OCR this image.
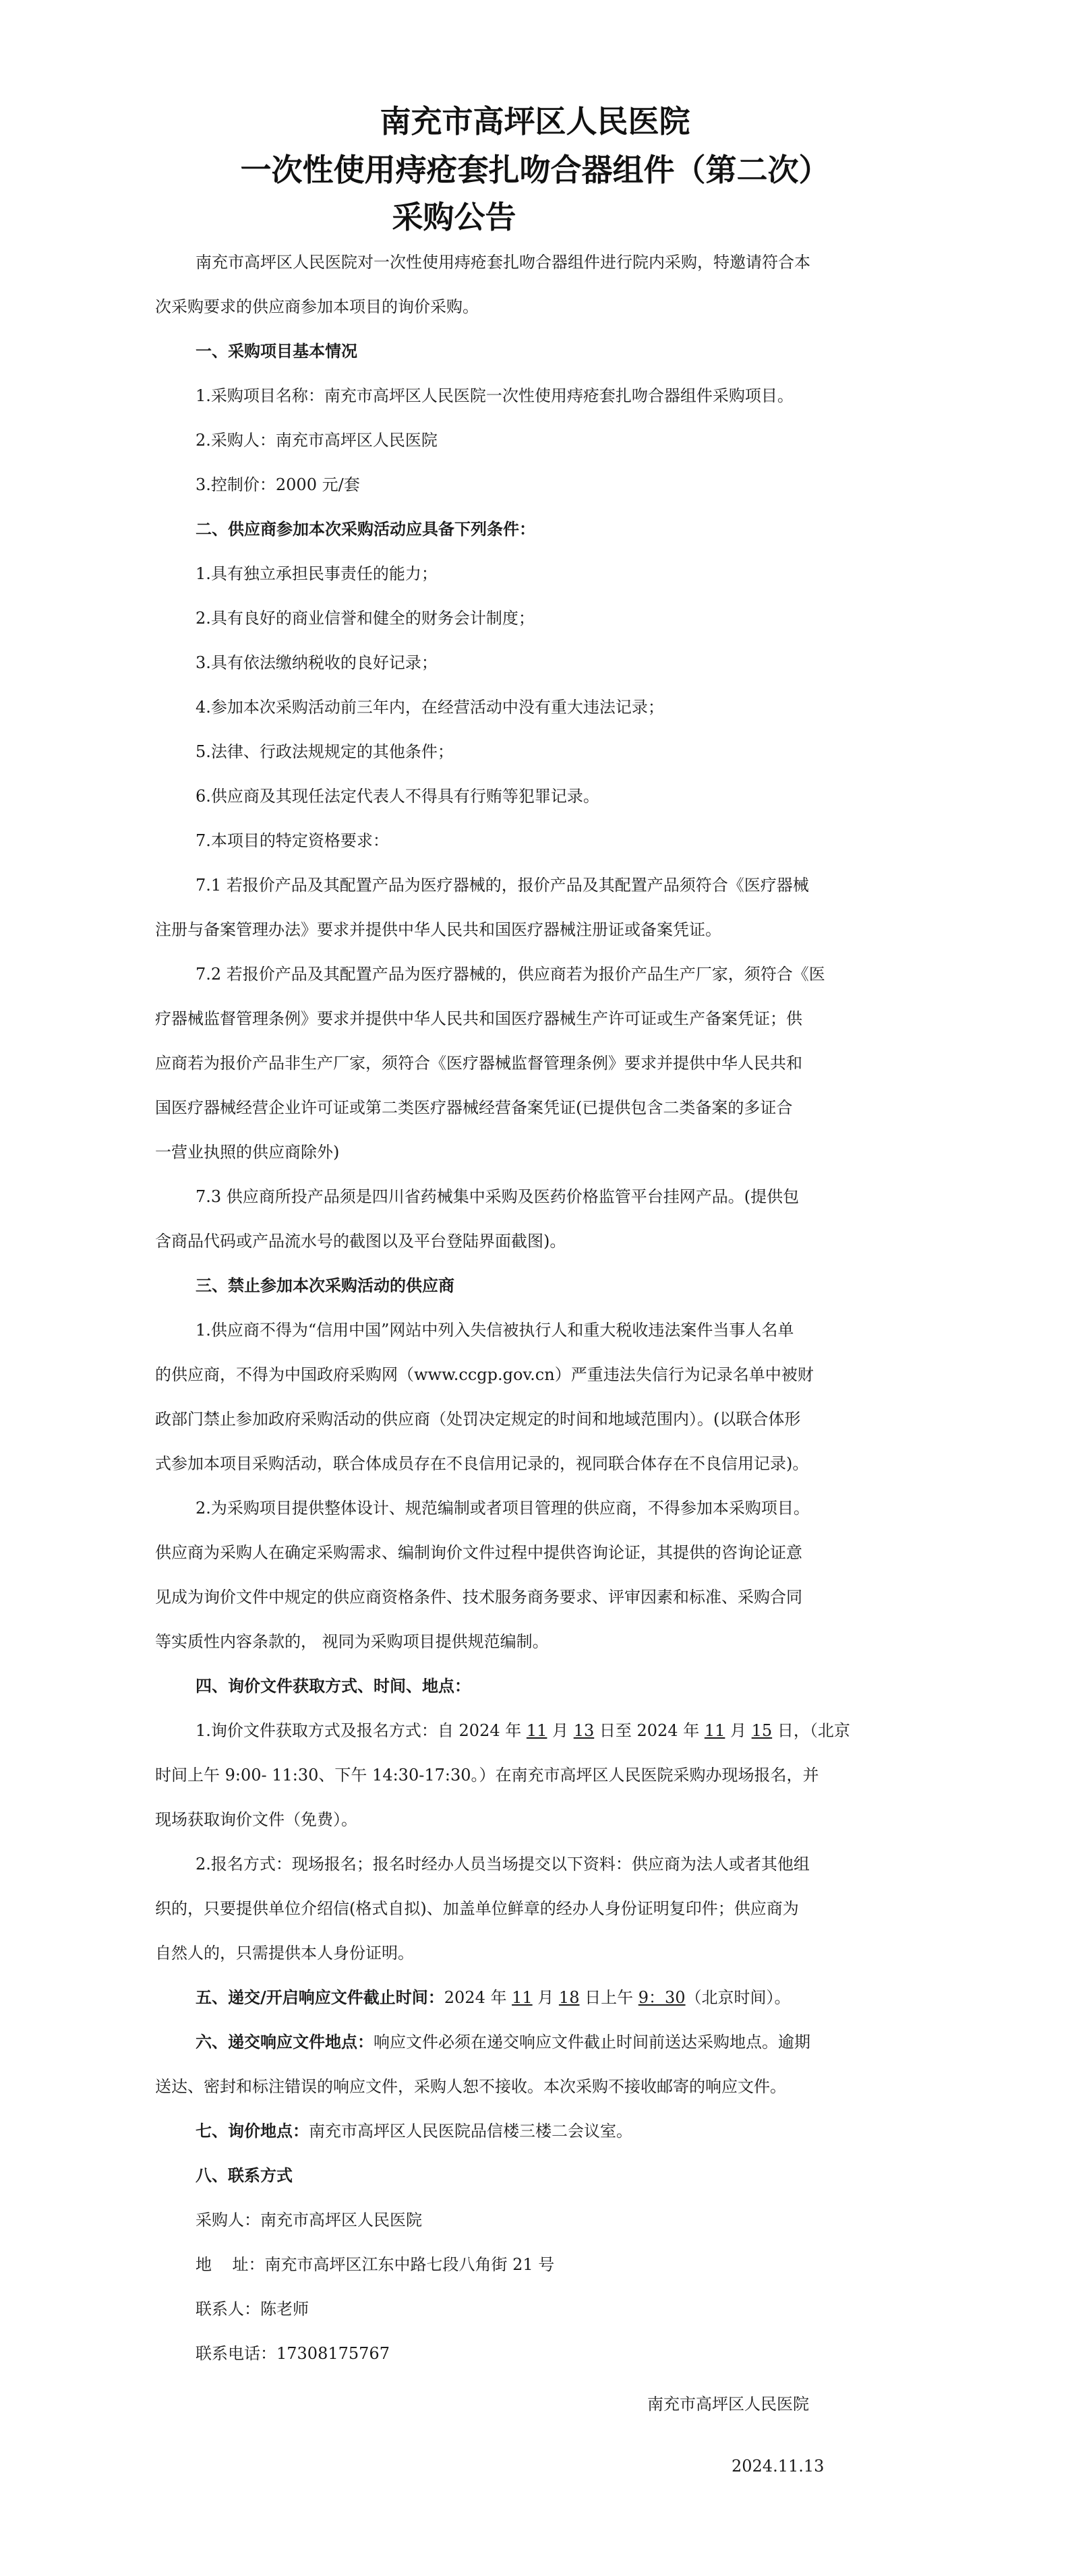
南充市高坪区人民医院
一次性使用痔疮套扎吻合器组件（第二次）
采购公告
南充市高坪区人民医院对一次性使用痔疮套扎吻合器组件进行院内采购，特邀请符合本
次采购要求的供应商参加本项目的询价采购。
一、采购项目基本情况
1.采购项目名称：南充市高坪区人民医院一次性使用痔疮套扎吻合器组件采购项目。
2.采购人：南充市高坪区人民医院
3.控制价：2000 元/套
二、供应商参加本次采购活动应具备下列条件：
1.具有独立承担民事责任的能力；
2.具有良好的商业信誉和健全的财务会计制度；
3.具有依法缴纳税收的良好记录；
4.参加本次采购活动前三年内，在经营活动中没有重大违法记录；
5.法律、行政法规规定的其他条件；
6.供应商及其现任法定代表人不得具有行贿等犯罪记录。
7.本项目的特定资格要求：
7.1 若报价产品及其配置产品为医疗器械的，报价产品及其配置产品须符合《医疗器械
注册与备案管理办法》要求并提供中华人民共和国医疗器械注册证或备案凭证。
7.2 若报价产品及其配置产品为医疗器械的，供应商若为报价产品生产厂家，须符合《医
疗器械监督管理条例》要求并提供中华人民共和国医疗器械生产许可证或生产备案凭证；供
应商若为报价产品非生产厂家，须符合《医疗器械监督管理条例》要求并提供中华人民共和
国医疗器械经营企业许可证或第二类医疗器械经营备案凭证(已提供包含二类备案的多证合
一营业执照的供应商除外)
7.3 供应商所投产品须是四川省药械集中采购及医药价格监管平台挂网产品。(提供包
含商品代码或产品流水号的截图以及平台登陆界面截图)。
三、禁止参加本次采购活动的供应商
1.供应商不得为“信用中国”网站中列入失信被执行人和重大税收违法案件当事人名单
的供应商，不得为中国政府采购网（www.ccgp.gov.cn）严重违法失信行为记录名单中被财
政部门禁止参加政府采购活动的供应商（处罚决定规定的时间和地域范围内）。(以联合体形
式参加本项目采购活动，联合体成员存在不良信用记录的，视同联合体存在不良信用记录)。
2.为采购项目提供整体设计、规范编制或者项目管理的供应商，不得参加本采购项目。
供应商为采购人在确定采购需求、编制询价文件过程中提供咨询论证，其提供的咨询论证意
见成为询价文件中规定的供应商资格条件、技术服务商务要求、评审因素和标准、采购合同
等实质性内容条款的， 视同为采购项目提供规范编制。
四、询价文件获取方式、时间、地点：
1.询价文件获取方式及报名方式：自 2024 年 11 月 13 日至 2024 年 11 月 15 日，（北京
时间上午 9:00- 11:30、下午 14:30-17:30。）在南充市高坪区人民医院采购办现场报名，并
现场获取询价文件（免费）。
2.报名方式：现场报名；报名时经办人员当场提交以下资料：供应商为法人或者其他组
织的，只要提供单位介绍信(格式自拟)、加盖单位鲜章的经办人身份证明复印件；供应商为
自然人的，只需提供本人身份证明。
五、递交/开启响应文件截止时间：2024 年 11 月 18 日上午 9：30（北京时间）。
六、递交响应文件地点：响应文件必须在递交响应文件截止时间前送达采购地点。逾期
送达、密封和标注错误的响应文件，采购人恕不接收。本次采购不接收邮寄的响应文件。
七、询价地点：南充市高坪区人民医院品信楼三楼二会议室。
八、联系方式
采购人：南充市高坪区人民医院
地    址：南充市高坪区江东中路七段八角街 21 号
联系人：陈老师
联系电话：17308175767
南充市高坪区人民医院
2024.11.13
